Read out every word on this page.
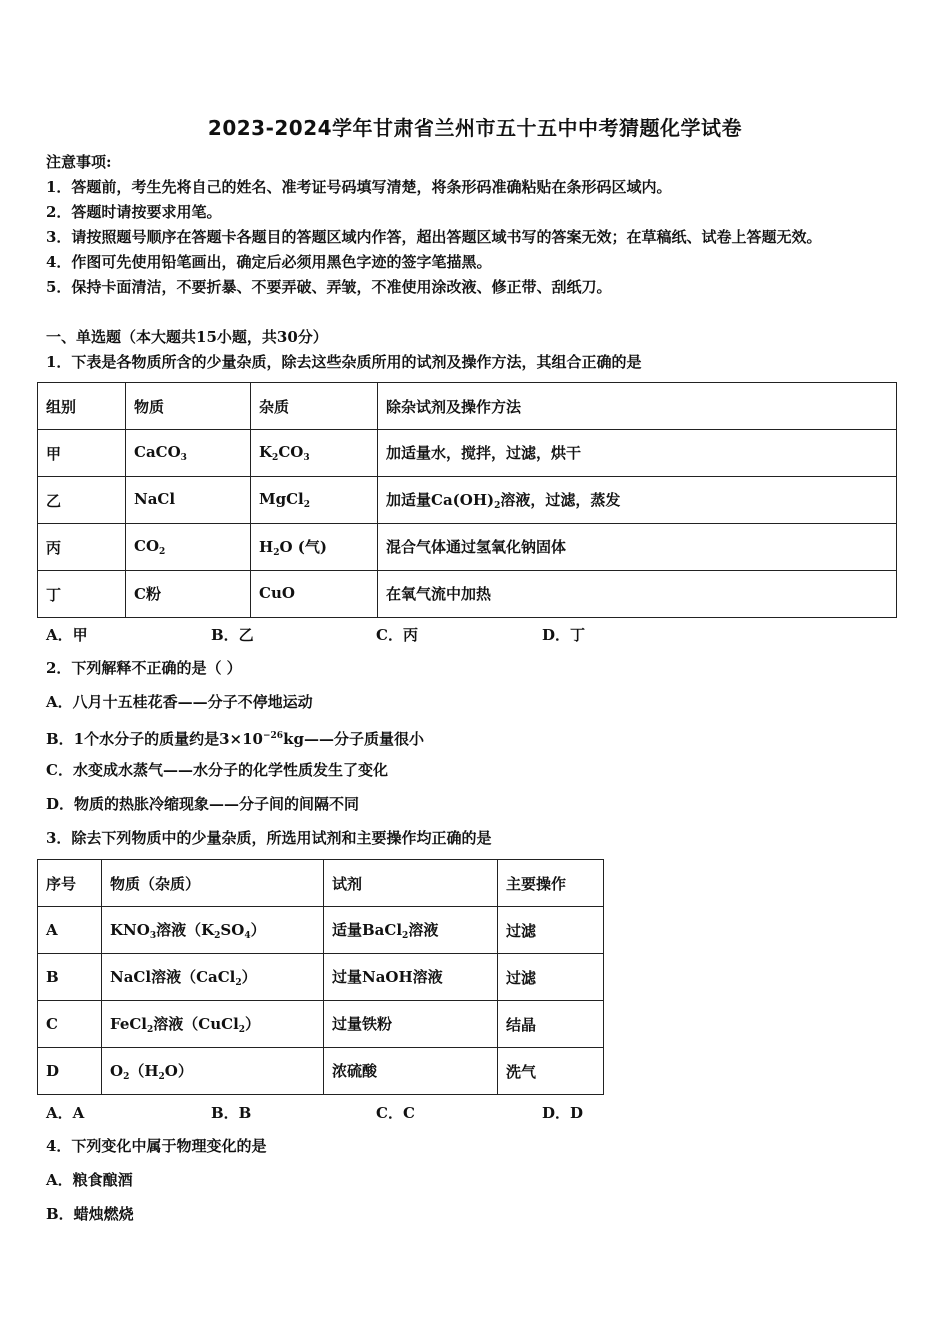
2023-2024学年甘肃省兰州市五十五中中考猜题化学试卷
注意事项:
1．答题前，考生先将自己的姓名、准考证号码填写清楚，将条形码准确粘贴在条形码区域内。
2．答题时请按要求用笔。
3．请按照题号顺序在答题卡各题目的答题区域内作答，超出答题区域书写的答案无效；在草稿纸、试卷上答题无效。
4．作图可先使用铅笔画出，确定后必须用黑色字迹的签字笔描黑。
5．保持卡面清洁，不要折暴、不要弄破、弄皱，不准使用涂改液、修正带、刮纸刀。
一、单选题（本大题共15小题，共30分）
1．下表是各物质所含的少量杂质，除去这些杂质所用的试剂及操作方法，其组合正确的是
组别	物质	杂质	除杂试剂及操作方法
甲	CaCO$_3$	$K_2CO_3$	加适量水，搅拌，过滤，烘干
乙	NaCl	MgCl$_2$	加适量$Ca(OH)_2$溶液，过滤，蒸发
丙	$CO_2$	$H_2O$ (气)	混合气体通过氢氧化钠固体
丁	C粉	CuO	在氧气流中加热
A．甲	B．乙	C．丙	D．丁
2．下列解释不正确的是（ ）
A．八月十五桂花香——分子不停地运动
B．1个水分子的质量约是$3\times 10^{-26}kg——$分子质量很小
C．水变成水蒸气——水分子的化学性质发生了变化
D．物质的热胀冷缩现象——分子间的间隔不同
3．除去下列物质中的少量杂质，所选用试剂和主要操作均正确的是
序号	物质（杂质）	试剂	主要操作
A	$KNO_3$溶液$(K_2SO_4)$	适量BaCl$_2$溶液	过滤
B	NaCl溶液（CaCl$_2$）	过量NaOH溶液	过滤
C	FeCl$_2$溶液（CuCl$_2$）	过量铁粉	结晶
D	$O_2(H_2O)$	浓硫酸	洗气
A．A	B．B	C．C	D．D
4．下列变化中属于物理变化的是
A．粮食酿酒
B．蜡烛燃烧
